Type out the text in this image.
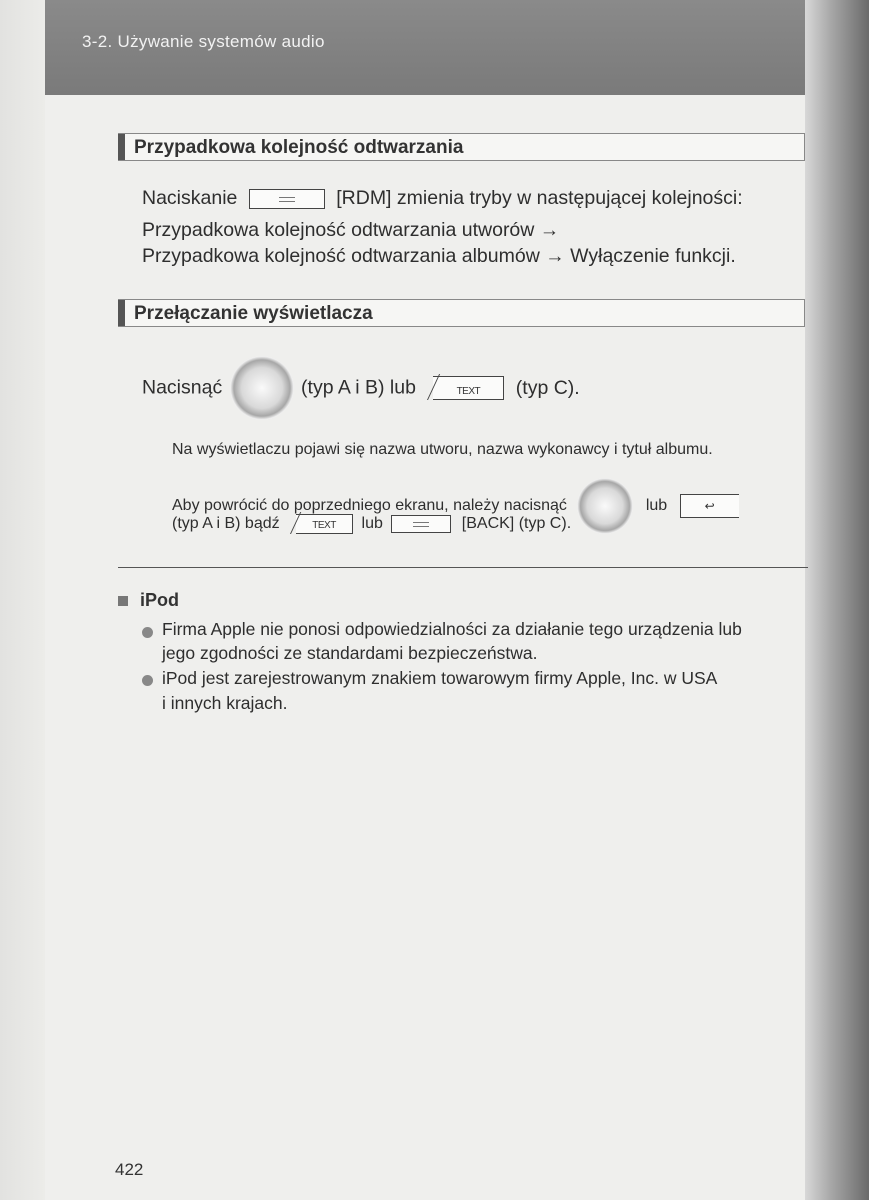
3-2. Używanie systemów audio
Przypadkowa kolejność odtwarzania
Naciskanie	[RDM] zmienia tryby w następującej kolejności:
Przypadkowa kolejność odtwarzania utworów →
Przypadkowa kolejność odtwarzania albumów → Wyłączenie funkcji.
Przełączanie wyświetlacza
Nacisnąć	(typ A i B) lub	TEXT (typ C).
Na wyświetlaczu pojawi się nazwa utworu, nazwa wykonawcy i tytuł albumu.
Aby powrócić do poprzedniego ekranu, należy nacisnąć	lub	↩
(typ A i B) bądź	TEXT lub	[BACK] (typ C).
iPod
Firma Apple nie ponosi odpowiedzialności za działanie tego urządzenia lub
jego zgodności ze standardami bezpieczeństwa.
iPod jest zarejestrowanym znakiem towarowym firmy Apple, Inc. w USA
i innych krajach.
422
